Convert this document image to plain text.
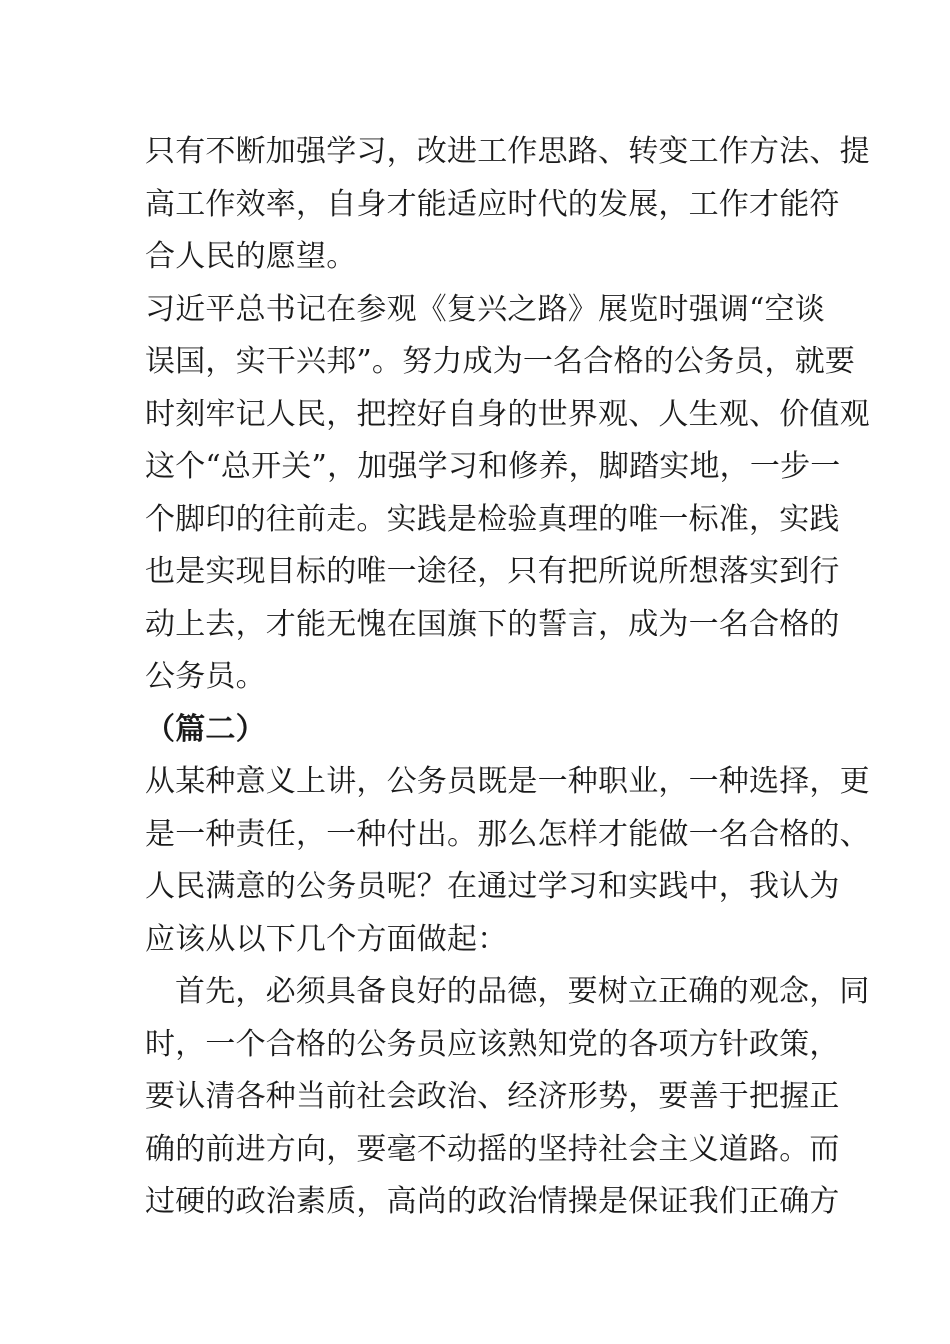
只有不断加强学习，改进工作思路、转变工作方法、提
高工作效率，自身才能适应时代的发展，工作才能符
合人民的愿望。
习近平总书记在参观《复兴之路》展览时强调“空谈
误国，实干兴邦”。努力成为一名合格的公务员，就要
时刻牢记人民，把控好自身的世界观、人生观、价值观
这个“总开关”，加强学习和修养，脚踏实地，一步一
个脚印的往前走。实践是检验真理的唯一标准，实践
也是实现目标的唯一途径，只有把所说所想落实到行
动上去，才能无愧在国旗下的誓言，成为一名合格的
公务员。
（篇二）
从某种意义上讲，公务员既是一种职业，一种选择，更
是一种责任，一种付出。那么怎样才能做一名合格的、
人民满意的公务员呢？在通过学习和实践中，我认为
应该从以下几个方面做起：
首先，必须具备良好的品德，要树立正确的观念，同
时，一个合格的公务员应该熟知党的各项方针政策，
要认清各种当前社会政治、经济形势，要善于把握正
确的前进方向，要毫不动摇的坚持社会主义道路。而
过硬的政治素质，高尚的政治情操是保证我们正确方
